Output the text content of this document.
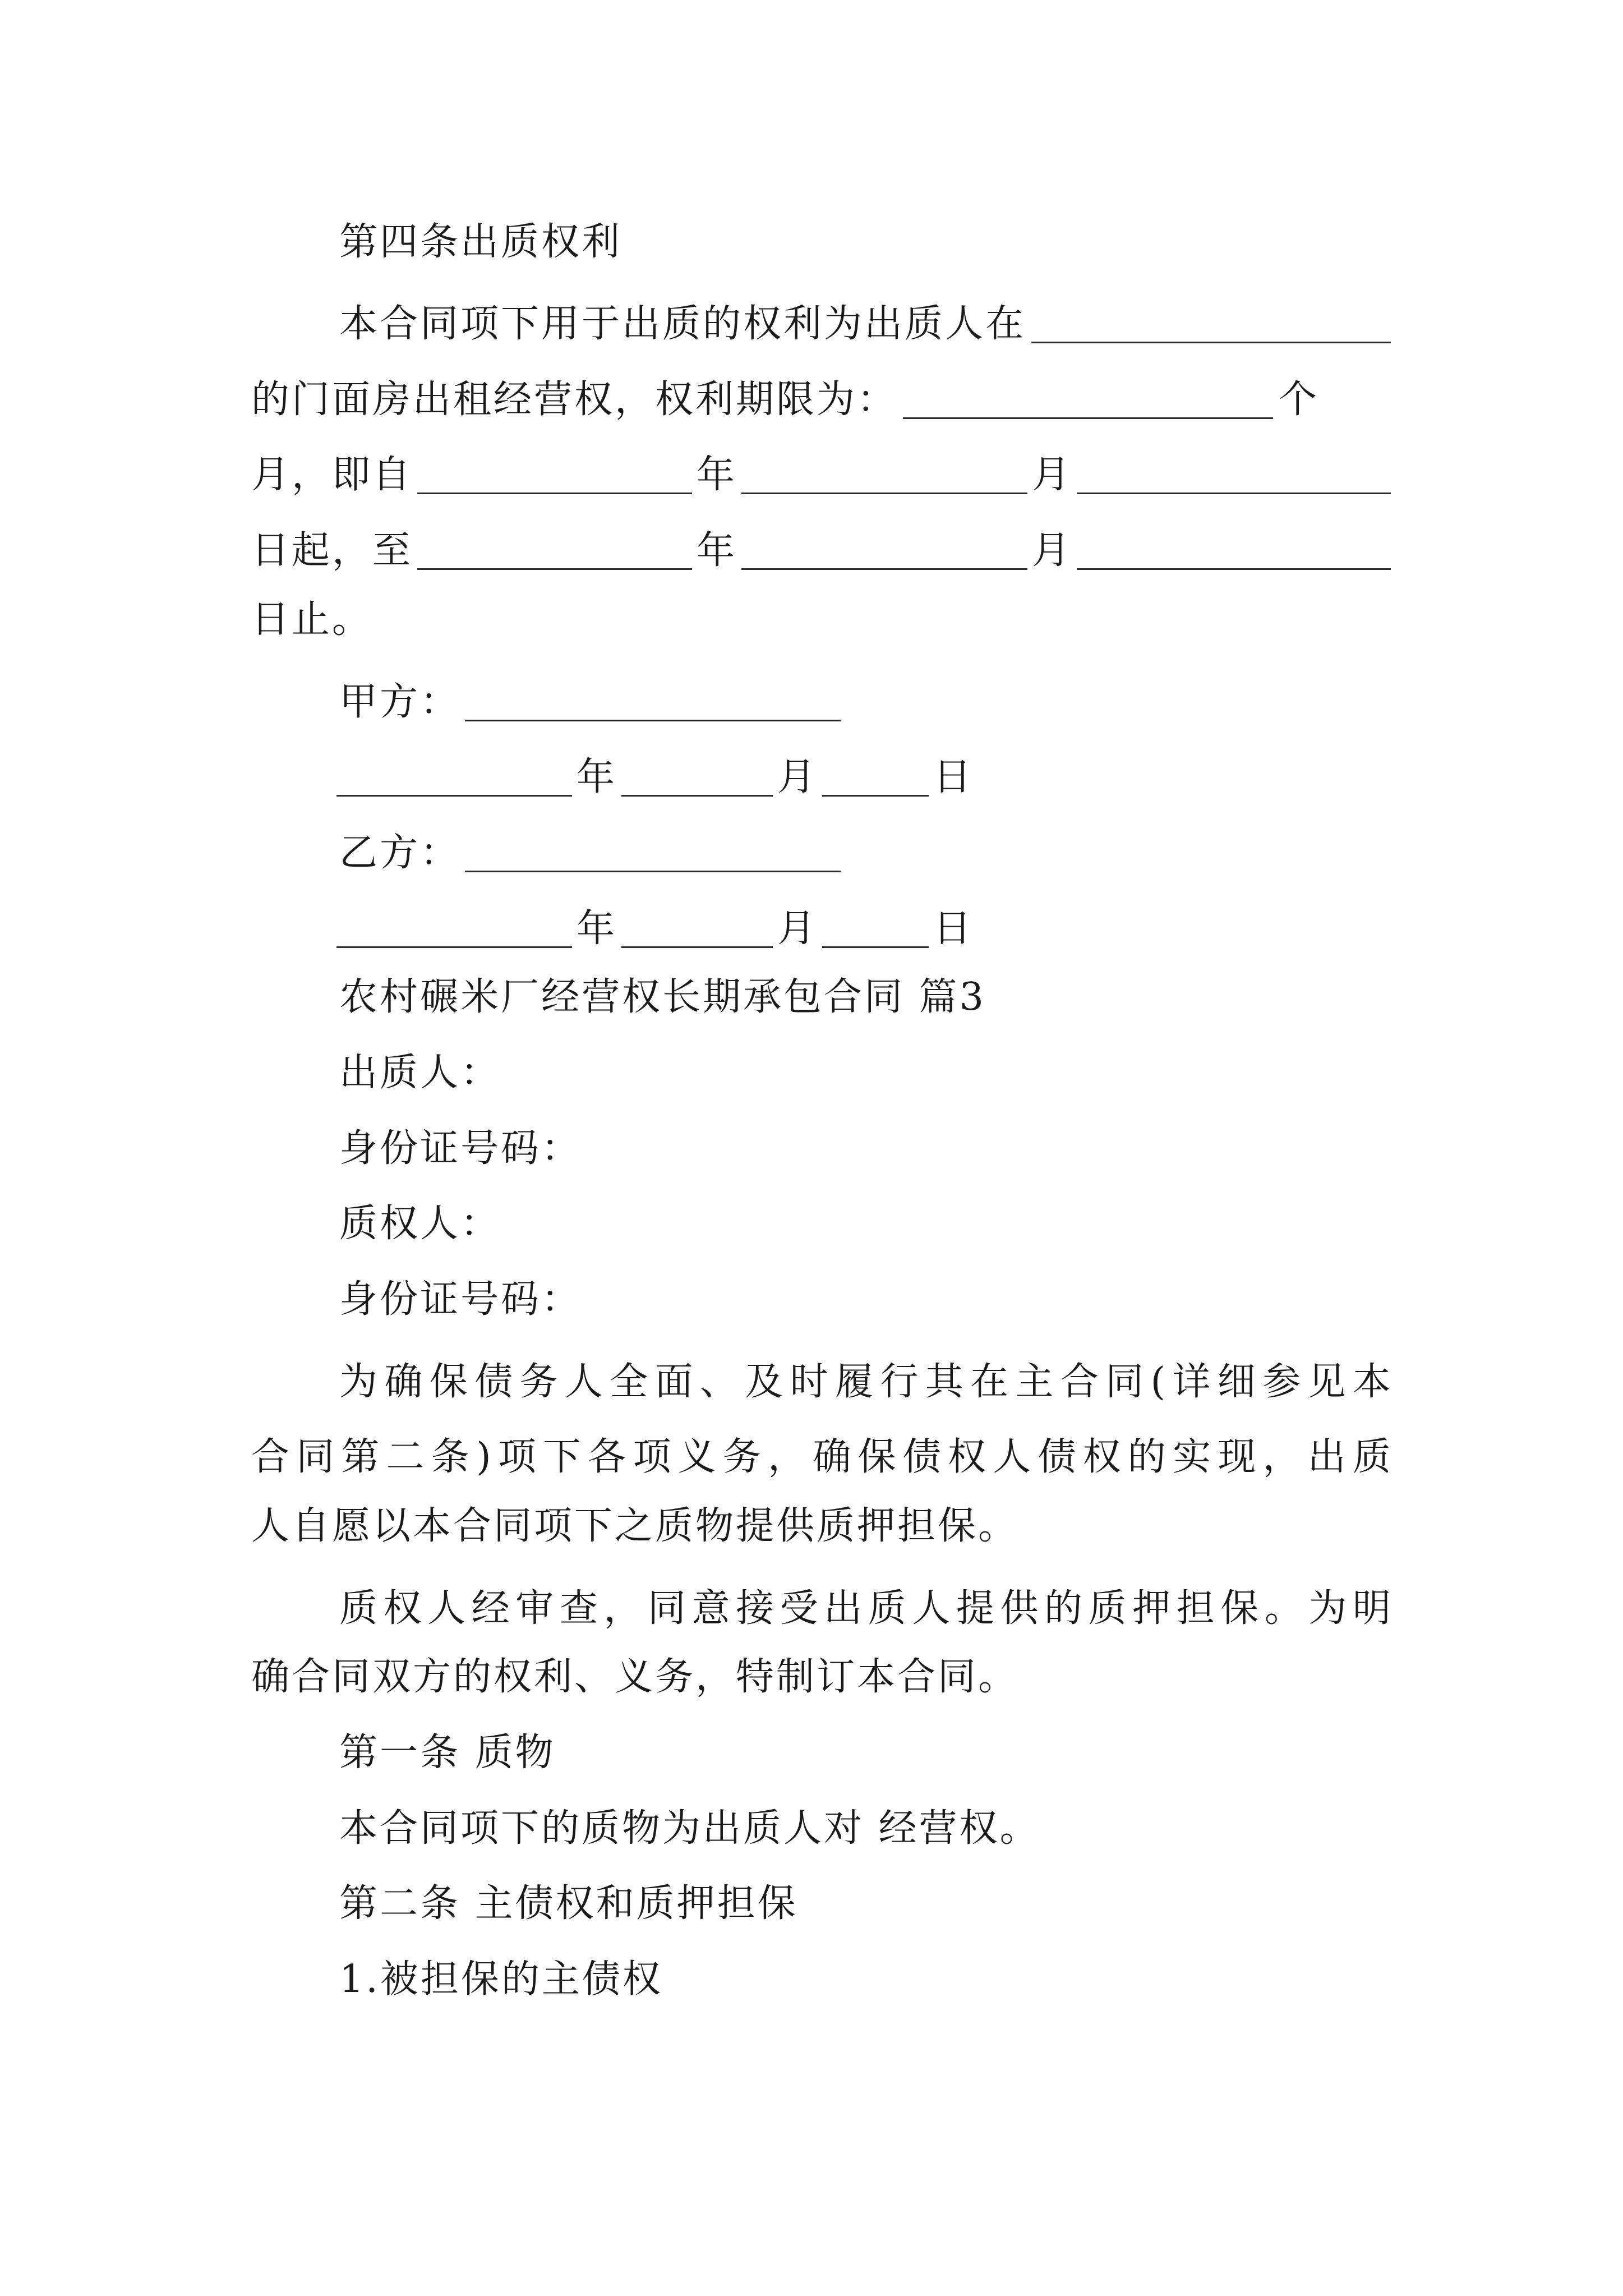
第四条出质权利
本合同项下用于出质的权利为出质人在
的门面房出租经营权，权利期限为：	个
月，即自	年	月
日起，至	年	月
日止。
甲方：
年	月	日
乙方：
年	月	日
农村碾米厂经营权长期承包合同 篇3
出质人：
身份证号码：
质权人：
身份证号码：
为 确 保 债 务 人 全 面 、 及 时 履 行 其 在 主 合 同 ( 详 细 参 见 本
合 同 第 二 条 ) 项 下 各 项 义 务 ， 确 保 债 权 人 债 权 的 实 现 ， 出 质
人自愿以本合同项下之质物提供质押担保。
质 权 人 经 审 查 ， 同 意 接 受 出 质 人 提 供 的 质 押 担 保 。 为 明
确合同双方的权利、义务，特制订本合同。
第一条 质物
本合同项下的质物为出质人对 经营权。
第二条 主债权和质押担保
1.被担保的主债权
